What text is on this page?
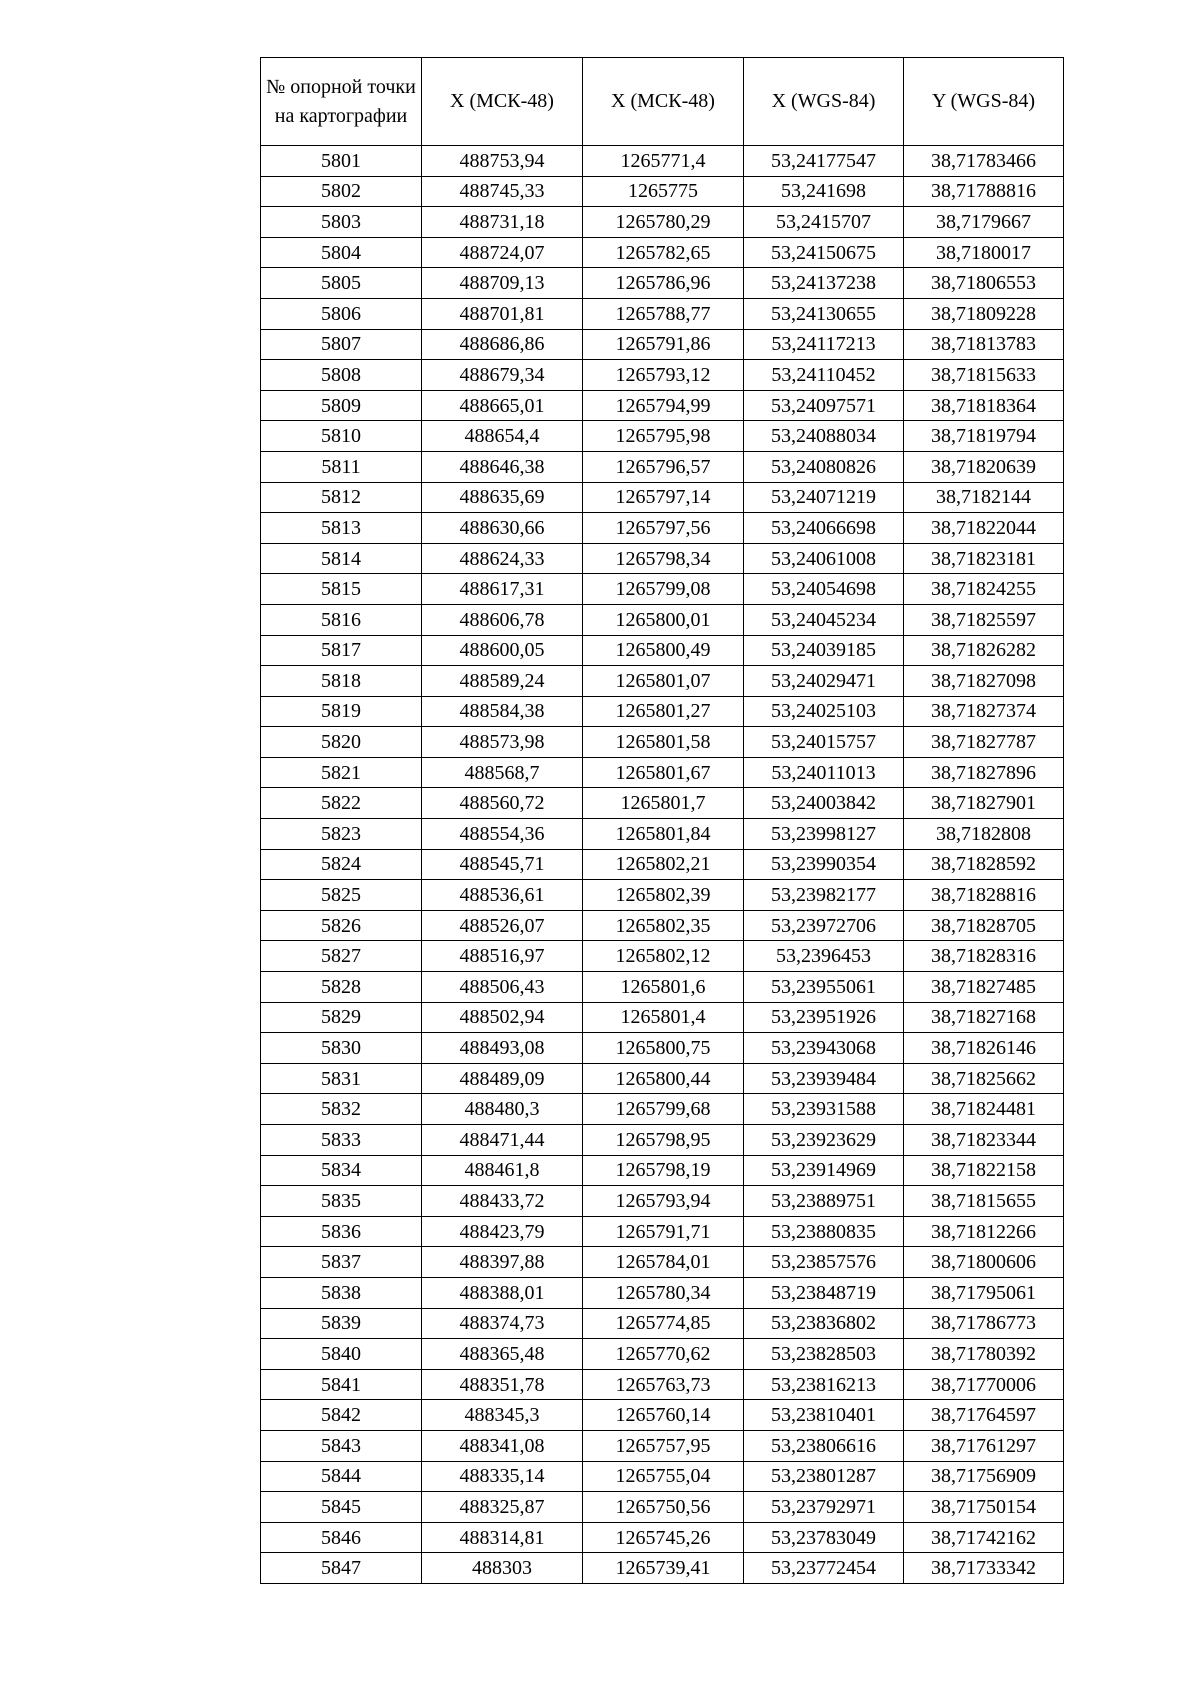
№ опорной точки на картографии	X (МСК-48)	X (МСК-48)	X (WGS-84)	Y (WGS-84)
5801	488753,94	1265771,4	53,24177547	38,71783466
5802	488745,33	1265775	53,241698	38,71788816
5803	488731,18	1265780,29	53,2415707	38,7179667
5804	488724,07	1265782,65	53,24150675	38,7180017
5805	488709,13	1265786,96	53,24137238	38,71806553
5806	488701,81	1265788,77	53,24130655	38,71809228
5807	488686,86	1265791,86	53,24117213	38,71813783
5808	488679,34	1265793,12	53,24110452	38,71815633
5809	488665,01	1265794,99	53,24097571	38,71818364
5810	488654,4	1265795,98	53,24088034	38,71819794
5811	488646,38	1265796,57	53,24080826	38,71820639
5812	488635,69	1265797,14	53,24071219	38,7182144
5813	488630,66	1265797,56	53,24066698	38,71822044
5814	488624,33	1265798,34	53,24061008	38,71823181
5815	488617,31	1265799,08	53,24054698	38,71824255
5816	488606,78	1265800,01	53,24045234	38,71825597
5817	488600,05	1265800,49	53,24039185	38,71826282
5818	488589,24	1265801,07	53,24029471	38,71827098
5819	488584,38	1265801,27	53,24025103	38,71827374
5820	488573,98	1265801,58	53,24015757	38,71827787
5821	488568,7	1265801,67	53,24011013	38,71827896
5822	488560,72	1265801,7	53,24003842	38,71827901
5823	488554,36	1265801,84	53,23998127	38,7182808
5824	488545,71	1265802,21	53,23990354	38,71828592
5825	488536,61	1265802,39	53,23982177	38,71828816
5826	488526,07	1265802,35	53,23972706	38,71828705
5827	488516,97	1265802,12	53,2396453	38,71828316
5828	488506,43	1265801,6	53,23955061	38,71827485
5829	488502,94	1265801,4	53,23951926	38,71827168
5830	488493,08	1265800,75	53,23943068	38,71826146
5831	488489,09	1265800,44	53,23939484	38,71825662
5832	488480,3	1265799,68	53,23931588	38,71824481
5833	488471,44	1265798,95	53,23923629	38,71823344
5834	488461,8	1265798,19	53,23914969	38,71822158
5835	488433,72	1265793,94	53,23889751	38,71815655
5836	488423,79	1265791,71	53,23880835	38,71812266
5837	488397,88	1265784,01	53,23857576	38,71800606
5838	488388,01	1265780,34	53,23848719	38,71795061
5839	488374,73	1265774,85	53,23836802	38,71786773
5840	488365,48	1265770,62	53,23828503	38,71780392
5841	488351,78	1265763,73	53,23816213	38,71770006
5842	488345,3	1265760,14	53,23810401	38,71764597
5843	488341,08	1265757,95	53,23806616	38,71761297
5844	488335,14	1265755,04	53,23801287	38,71756909
5845	488325,87	1265750,56	53,23792971	38,71750154
5846	488314,81	1265745,26	53,23783049	38,71742162
5847	488303	1265739,41	53,23772454	38,71733342
